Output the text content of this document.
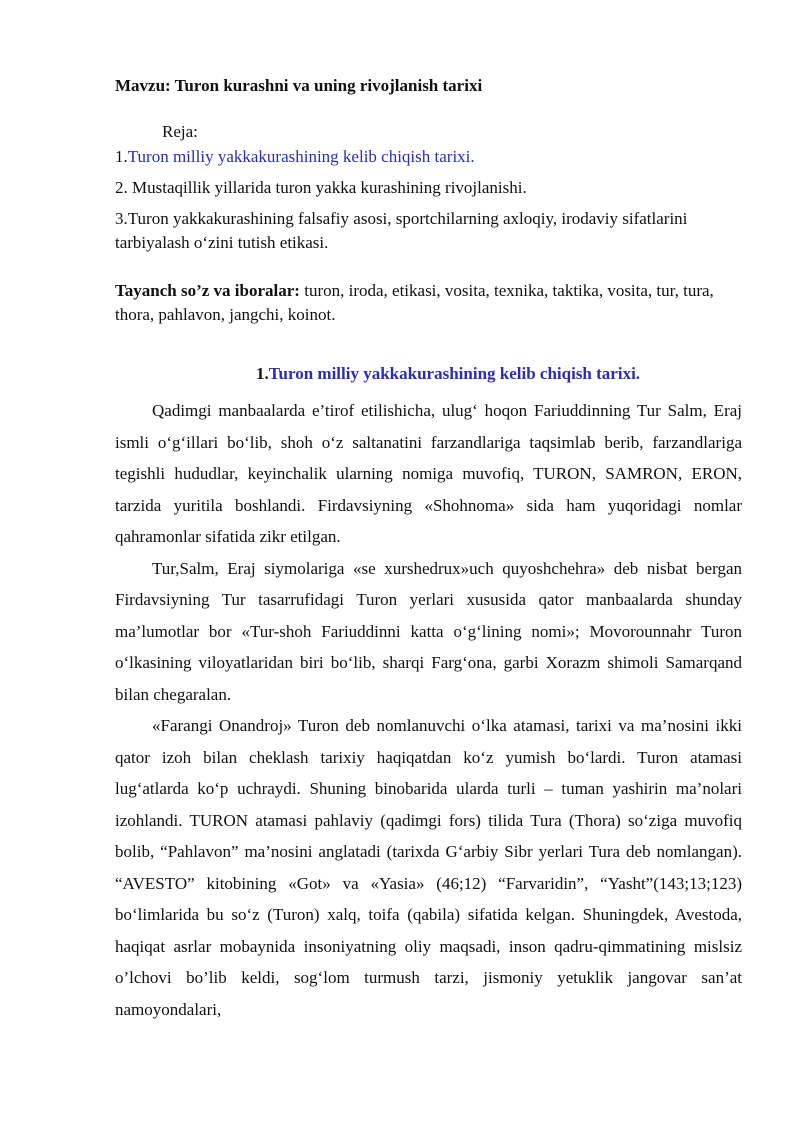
Mavzu: Turon kurashni va uning rivojlanish tarixi
Reja:
1.Turon milliy yakkakurashining kelib chiqish tarixi.
2. Mustaqillik yillarida turon yakka kurashining rivojlanishi.
3.Turon yakkakurashining falsafiy asosi, sportchilarning axloqiy, irodaviy sifatlarini tarbiyalash o‘zini tutish etikasi.
Tayanch so’z va iboralar: turon, iroda, etikasi, vosita, texnika, taktika, vosita, tur, tura, thora, pahlavon, jangchi, koinot.
1.Turon milliy yakkakurashining kelib chiqish tarixi.

Qadimgi manbaalarda e’tirof etilishicha, ulug‘ hoqon Fariuddinning Tur Salm, Eraj ismli o‘g‘illari bo‘lib, shoh o‘z saltanatini farzandlariga taqsimlab berib, farzandlariga tegishli hududlar, keyinchalik ularning nomiga muvofiq, TURON, SAMRON, ERON, tarzida yuritila boshlandi. Firdavsiyning «Shohnoma» sida ham yuqoridagi nomlar qahramonlar sifatida zikr etilgan.

Tur,Salm, Eraj siymolariga «se xurshedrux»uch quyoshchehra» deb nisbat bergan Firdavsiyning Tur tasarrufidagi Turon yerlari xususida qator manbaalarda shunday ma’lumotlar bor «Tur-shoh Fariuddinni katta o‘g‘lining nomi»; Movorounnahr Turon o‘lkasining viloyatlaridan biri bo‘lib, sharqi Farg‘ona, garbi Xorazm shimoli Samarqand bilan chegaralan.

«Farangi Onandroj» Turon deb nomlanuvchi o‘lka atamasi, tarixi va ma’nosini ikki qator izoh bilan cheklash tarixiy haqiqatdan ko‘z yumish bo‘lardi. Turon atamasi lug‘atlarda ko‘p uchraydi. Shuning binobarida ularda turli – tuman yashirin ma’nolari izohlandi. TURON atamasi pahlaviy (qadimgi fors) tilida Tura (Thora) so‘ziga muvofiq bolib, “Pahlavon” ma’nosini anglatadi (tarixda G‘arbiy Sibr yerlari Tura deb nomlangan). “AVESTO” kitobining «Got» va «Yasia» (46;12) “Farvaridin”, “Yasht”(143;13;123) bo‘limlarida bu so‘z (Turon) xalq, toifa (qabila) sifatida kelgan. Shuningdek, Avestoda, haqiqat asrlar mobaynida insoniyatning oliy maqsadi, inson qadru-qimmatining mislsiz o’lchovi bo’lib keldi, sog‘lom turmush tarzi, jismoniy yetuklik jangovar san’at namoyondalari,
